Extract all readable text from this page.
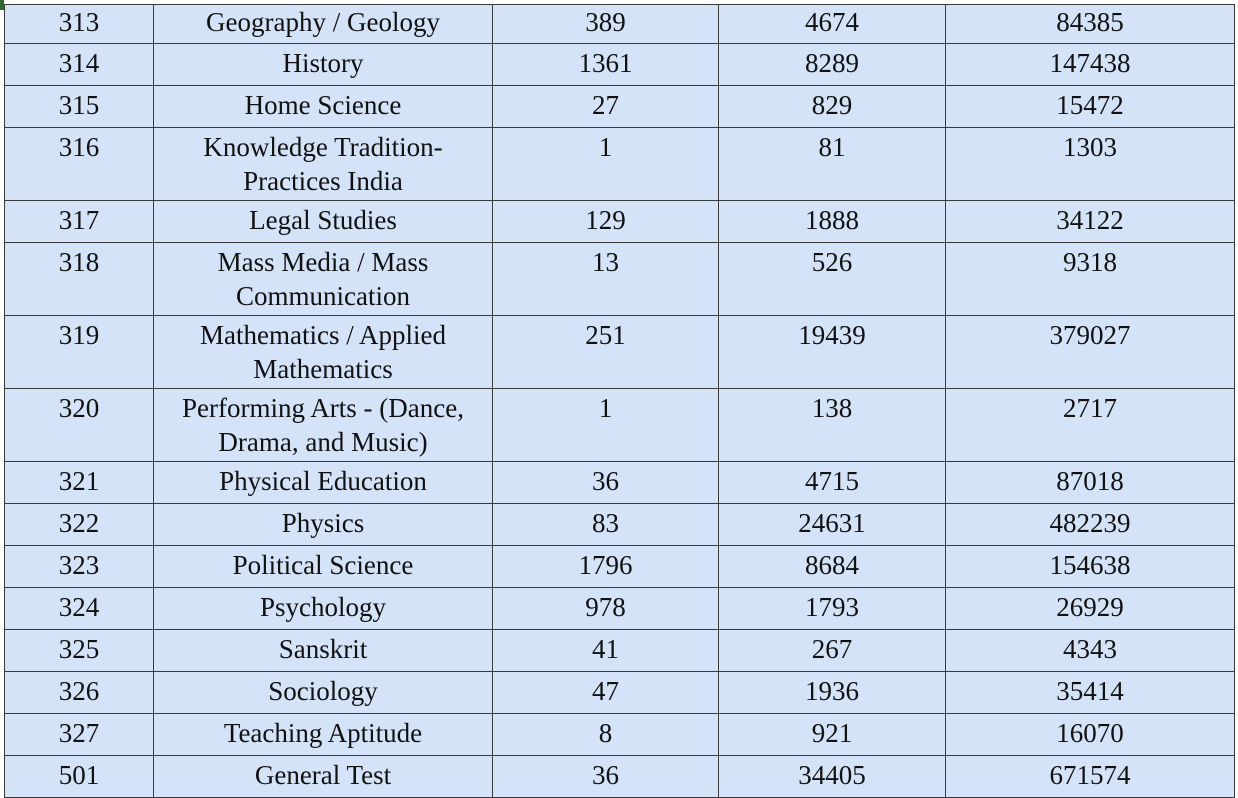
313	Geography / Geology	389	4674	84385
314	History	1361	8289	147438
315	Home Science	27	829	15472
316	Knowledge Tradition-
Practices India	1	81	1303
317	Legal Studies	129	1888	34122
318	Mass Media / Mass
Communication	13	526	9318
319	Mathematics / Applied
Mathematics	251	19439	379027
320	Performing Arts - (Dance,
Drama, and Music)	1	138	2717
321	Physical Education	36	4715	87018
322	Physics	83	24631	482239
323	Political Science	1796	8684	154638
324	Psychology	978	1793	26929
325	Sanskrit	41	267	4343
326	Sociology	47	1936	35414
327	Teaching Aptitude	8	921	16070
501	General Test	36	34405	671574
